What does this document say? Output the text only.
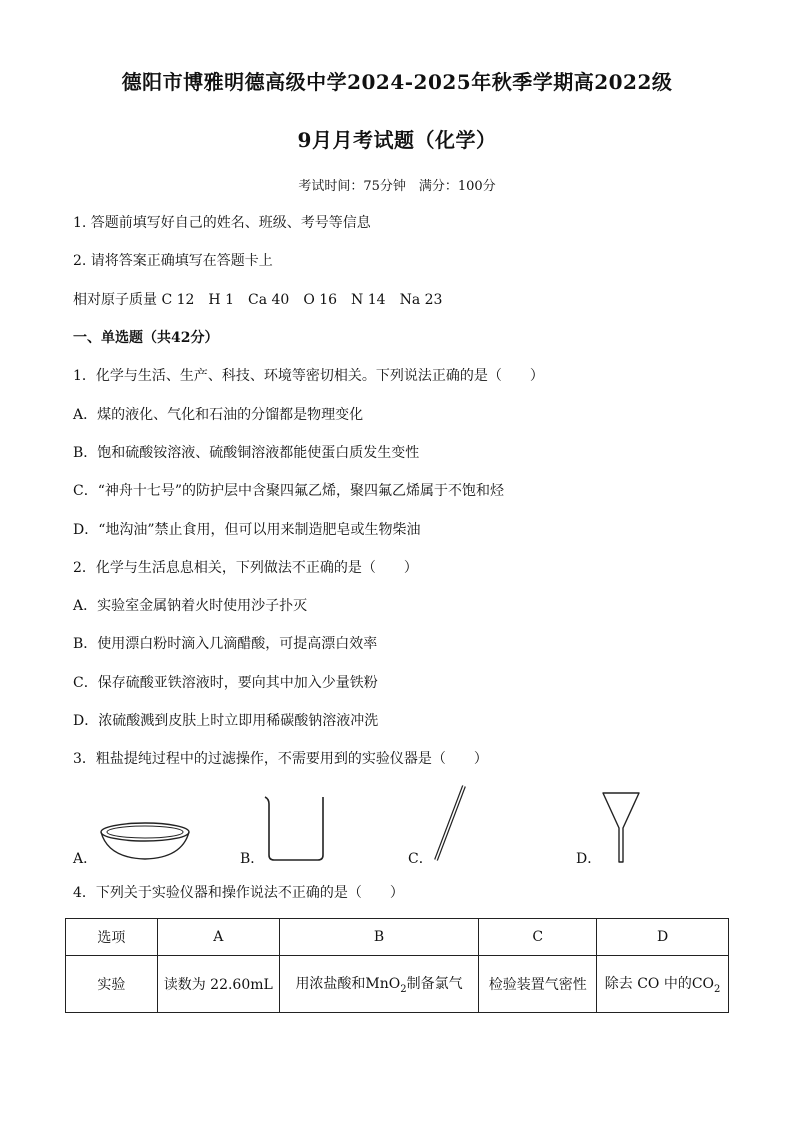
德阳市博雅明德高级中学2024-2025年秋季学期高2022级
9月月考试题（化学）
考试时间：75分钟　满分：100分
1. 答题前填写好自己的姓名、班级、考号等信息
2. 请将答案正确填写在答题卡上
相对原子质量 C 12　H 1　Ca 40　O 16　N 14　Na 23
一、单选题（共42分）
1．化学与生活、生产、科技、环境等密切相关。下列说法正确的是（　　）
A．煤的液化、气化和石油的分馏都是物理变化
B．饱和硫酸铵溶液、硫酸铜溶液都能使蛋白质发生变性
C．“神舟十七号”的防护层中含聚四氟乙烯，聚四氟乙烯属于不饱和烃
D．“地沟油”禁止食用，但可以用来制造肥皂或生物柴油
2．化学与生活息息相关，下列做法不正确的是（　　）
A．实验室金属钠着火时使用沙子扑灭
B．使用漂白粉时滴入几滴醋酸，可提高漂白效率
C．保存硫酸亚铁溶液时，要向其中加入少量铁粉
D．浓硫酸溅到皮肤上时立即用稀碳酸钠溶液冲洗
3．粗盐提纯过程中的过滤操作，不需要用到的实验仪器是（　　）
A．	B．	C．	D．
4．下列关于实验仪器和操作说法不正确的是（　　）
选项	A	B	C	D
实验	读数为 22.60mL	用浓盐酸和MnO$_2$制备氯气	检验装置气密性	除去 CO 中的$CO_2$
